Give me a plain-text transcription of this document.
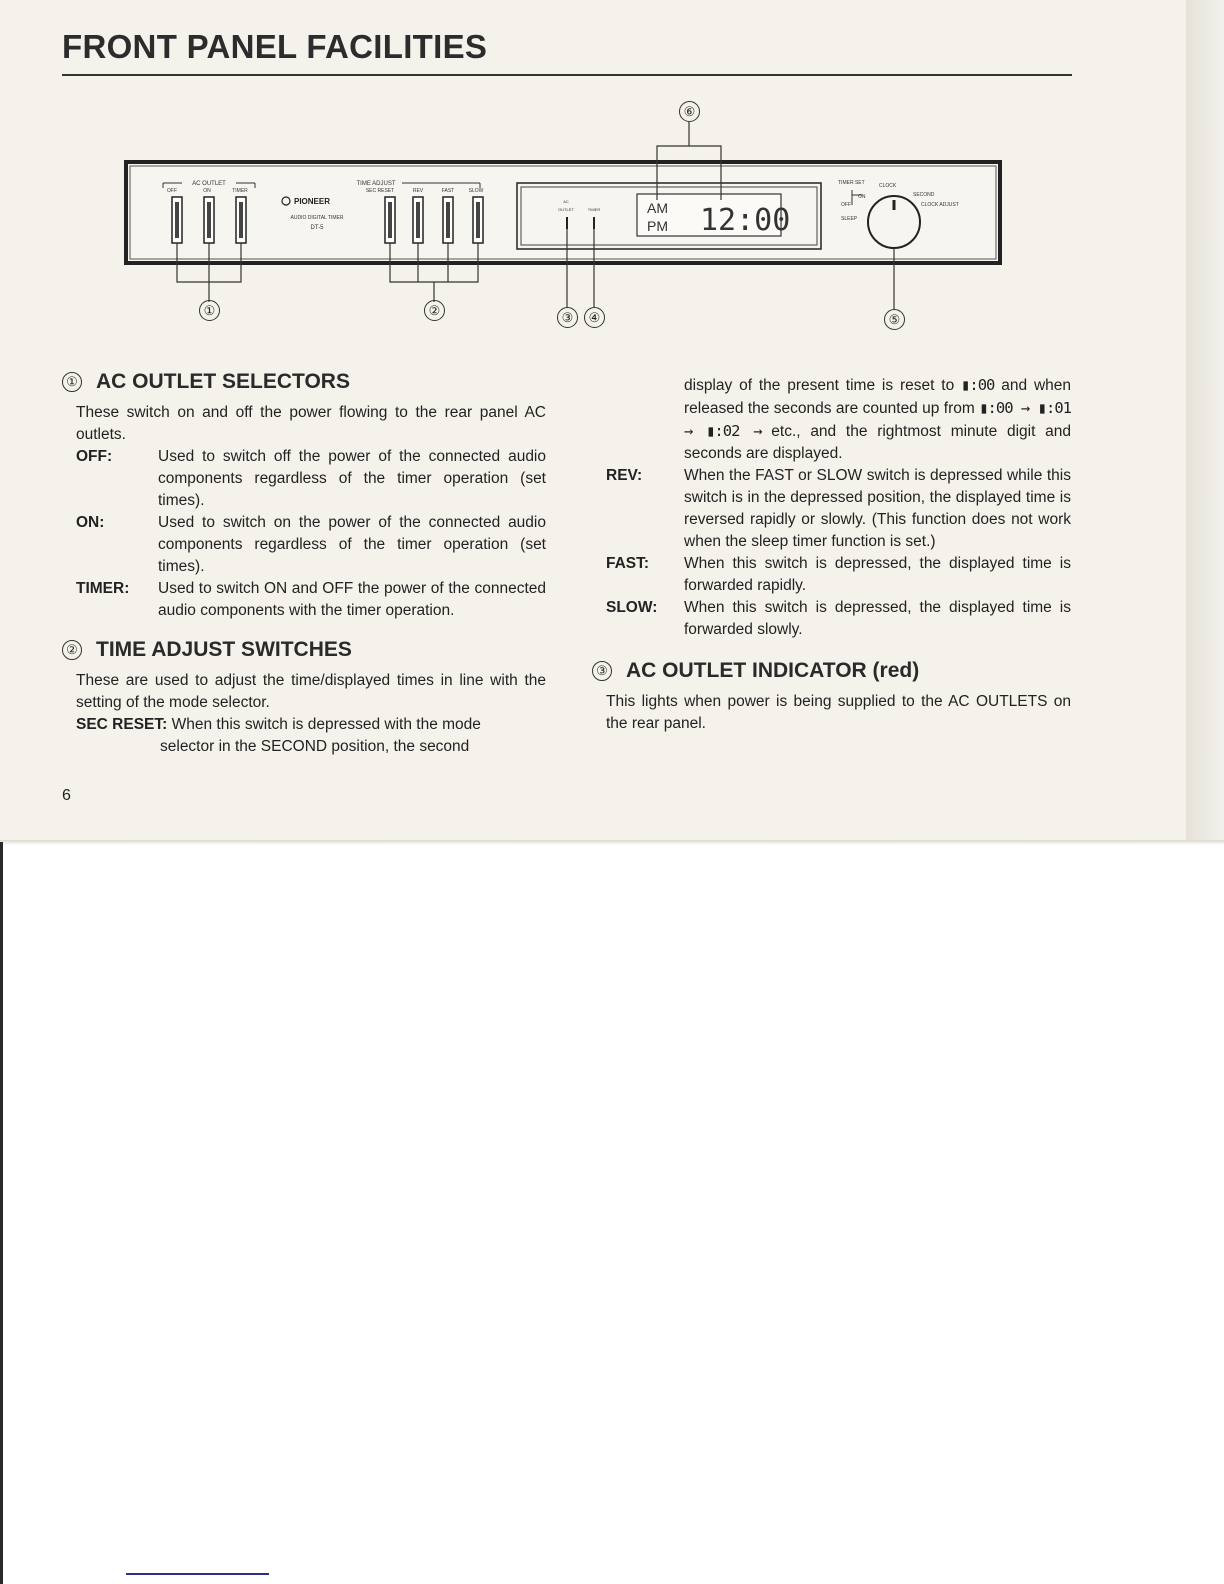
FRONT PANEL FACILITIES
AC OUTLET
OFF	ON	TIMER
PIONEER
AUDIO DIGITAL TIMER
DT-5
TIME ADJUST
SEC RESET	REV	FAST	SLOW
AC
OUTLET	TIMER	AM
PM 12:00
TIMER SET	CLOCK
ON	SECOND
OFF	CLOCK ADJUST
SLEEP
①	②	③	④	⑤
⑥
① AC OUTLET SELECTORS

These switch on and off the power flowing to the rear panel AC outlets.

OFF:	Used to switch off the power of the connected audio components regardless of the timer operation (set times).
ON:	Used to switch on the power of the connected audio components regardless of the timer operation (set times).
TIMER:	Used to switch ON and OFF the power of the connected audio components with the timer operation.
② TIME ADJUST SWITCHES

These are used to adjust the time/displayed times in line with the setting of the mode selector.

SEC RESET: When this switch is depressed with the mode

selector in the SECOND position, the second
6
display of the present time is reset to ▮:00 and when released the seconds are counted up from ▮:00 → ▮:01 → ▮:02 → etc., and the rightmost minute digit and seconds are displayed.
REV:	When the FAST or SLOW switch is depressed while this switch is in the depressed position, the displayed time is reversed rapidly or slowly. (This function does not work when the sleep timer function is set.)
FAST:	When this switch is depressed, the displayed time is forwarded rapidly.
SLOW:	When this switch is depressed, the displayed time is forwarded slowly.
③ AC OUTLET INDICATOR (red)

This lights when power is being supplied to the AC OUTLETS on the rear panel.
